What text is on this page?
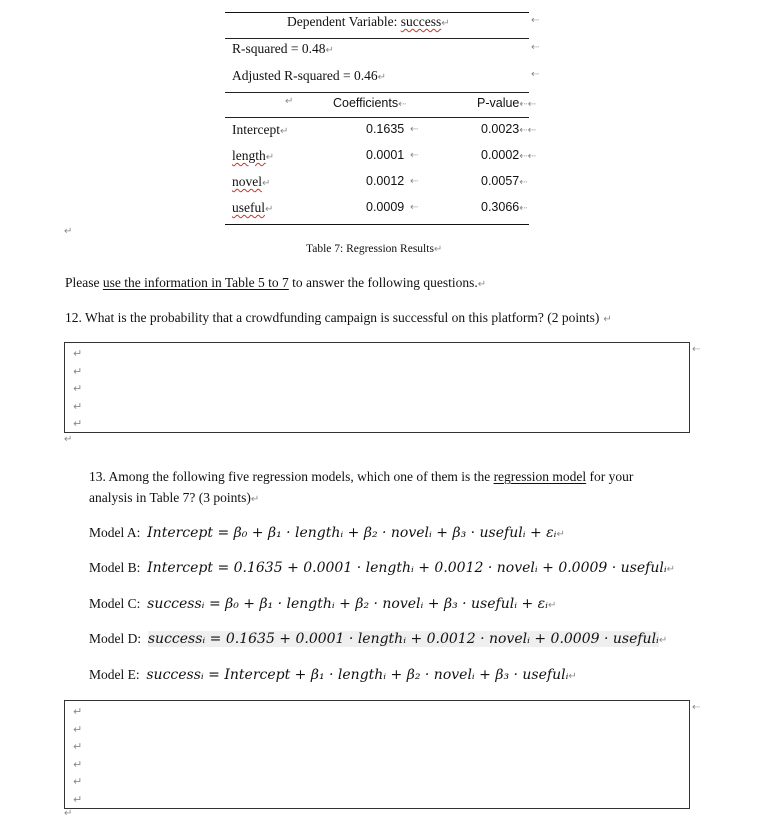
Dependent Variable: success↵	⇠
R-squared = 0.48↵	⇠
Adjusted R-squared = 0.46↵	⇠
↵	Coefficients⇠	P-value⇠⇠
Intercept↵	0.1635 ⇠	0.0023⇠⇠
length↵	0.0001 ⇠	0.0002⇠⇠
novel↵	0.0012 ⇠	0.0057⇠
useful↵	0.0009 ⇠	0.3066⇠
↵
Table 7: Regression Results↵
Please use the information in Table 5 to 7 to answer the following questions.↵
12. What is the probability that a crowdfunding campaign is successful on this platform? (2 points) ↵
↵
↵
↵
↵
↵
⇠
↵
13. Among the following five regression models, which one of them is the regression model for your
analysis in Table 7? (3 points)↵
Model A: Intercept = β₀ + β₁ · lengthᵢ + β₂ · novelᵢ + β₃ · usefulᵢ + εᵢ↵
Model B: Intercept = 0.1635 + 0.0001 · lengthᵢ + 0.0012 · novelᵢ + 0.0009 · usefulᵢ↵
Model C: successᵢ = β₀ + β₁ · lengthᵢ + β₂ · novelᵢ + β₃ · usefulᵢ + εᵢ↵
Model D: successᵢ = 0.1635 + 0.0001 · lengthᵢ + 0.0012 · novelᵢ + 0.0009 · usefulᵢ↵
Model E: successᵢ = Intercept + β₁ · lengthᵢ + β₂ · novelᵢ + β₃ · usefulᵢ↵
↵
↵
↵
↵
↵
↵
⇠
↵
